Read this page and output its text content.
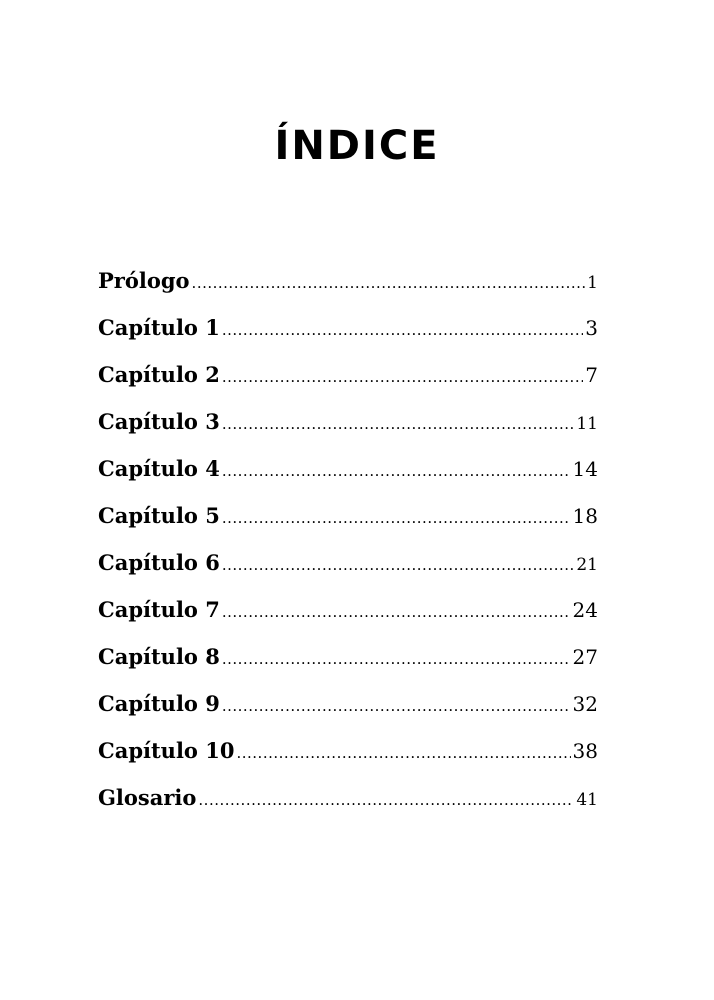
ÍNDICE
Prólogo .....	1
Capítulo 1 .....	3
Capítulo 2 .....	7
Capítulo 3 .....	11
Capítulo 4 .....	14
Capítulo 5 .....	18
Capítulo 6 .....	21
Capítulo 7 .....	24
Capítulo 8 .....	27
Capítulo 9 .....	32
Capítulo 10 .....	38
Glosario .....	41
